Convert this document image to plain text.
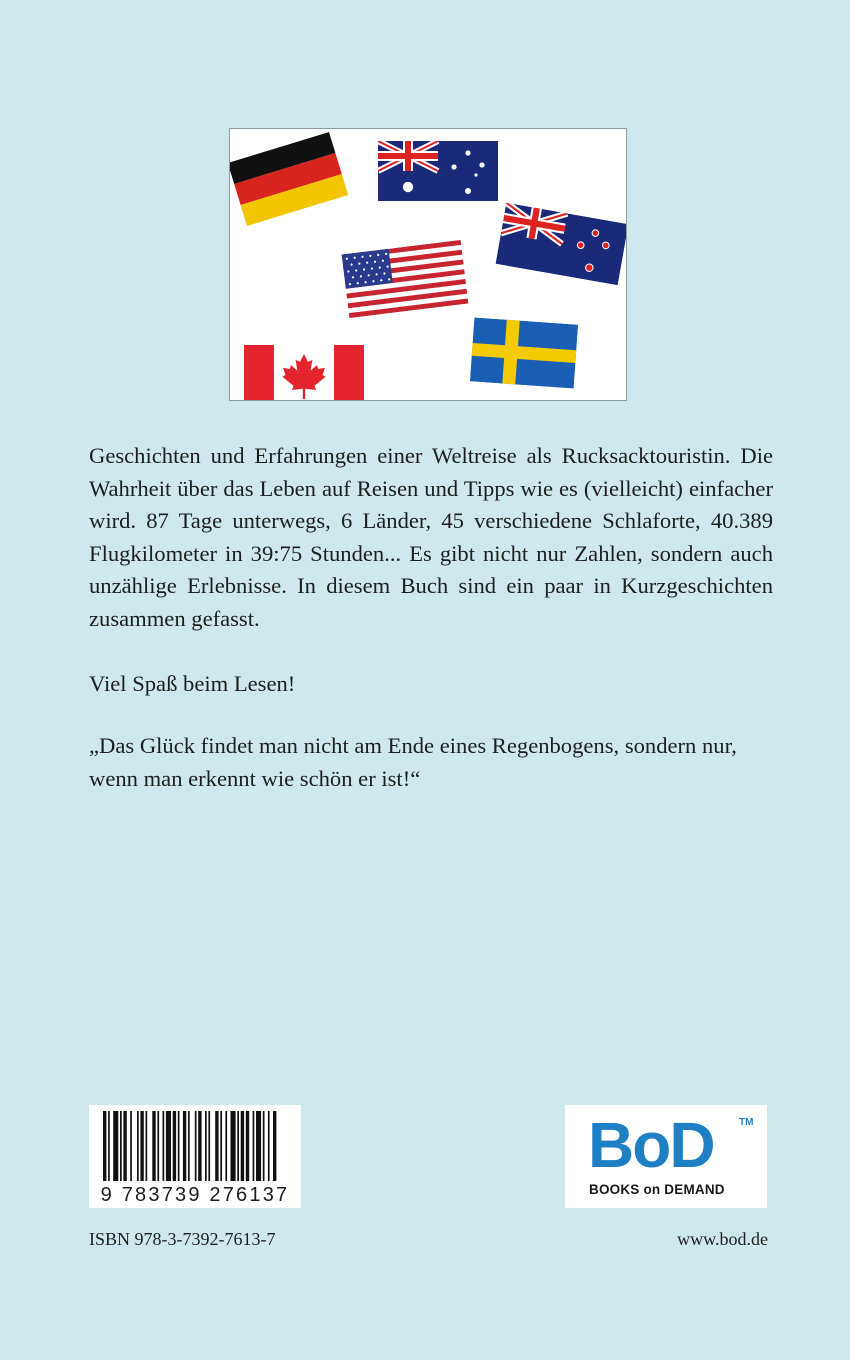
Geschichten und Erfahrungen einer Weltreise als Rucksacktouristin. Die Wahrheit über das Leben auf Reisen und Tipps wie es (vielleicht) einfacher wird. 87 Tage unterwegs, 6 Länder, 45 verschiedene Schlaforte, 40.389 Flugkilometer in 39:75 Stunden... Es gibt nicht nur Zahlen, sondern auch unzählige Erlebnisse. In diesem Buch sind ein paar in Kurzgeschichten zusammen gefasst.

Viel Spaß beim Lesen!

„Das Glück findet man nicht am Ende eines Regenbogens, sondern nur, wenn man erkennt wie schön er ist!“

9 783739 276137
BoD	TM
BOOKS on DEMAND

ISBN 978-3-7392-7613-7	www.bod.de
